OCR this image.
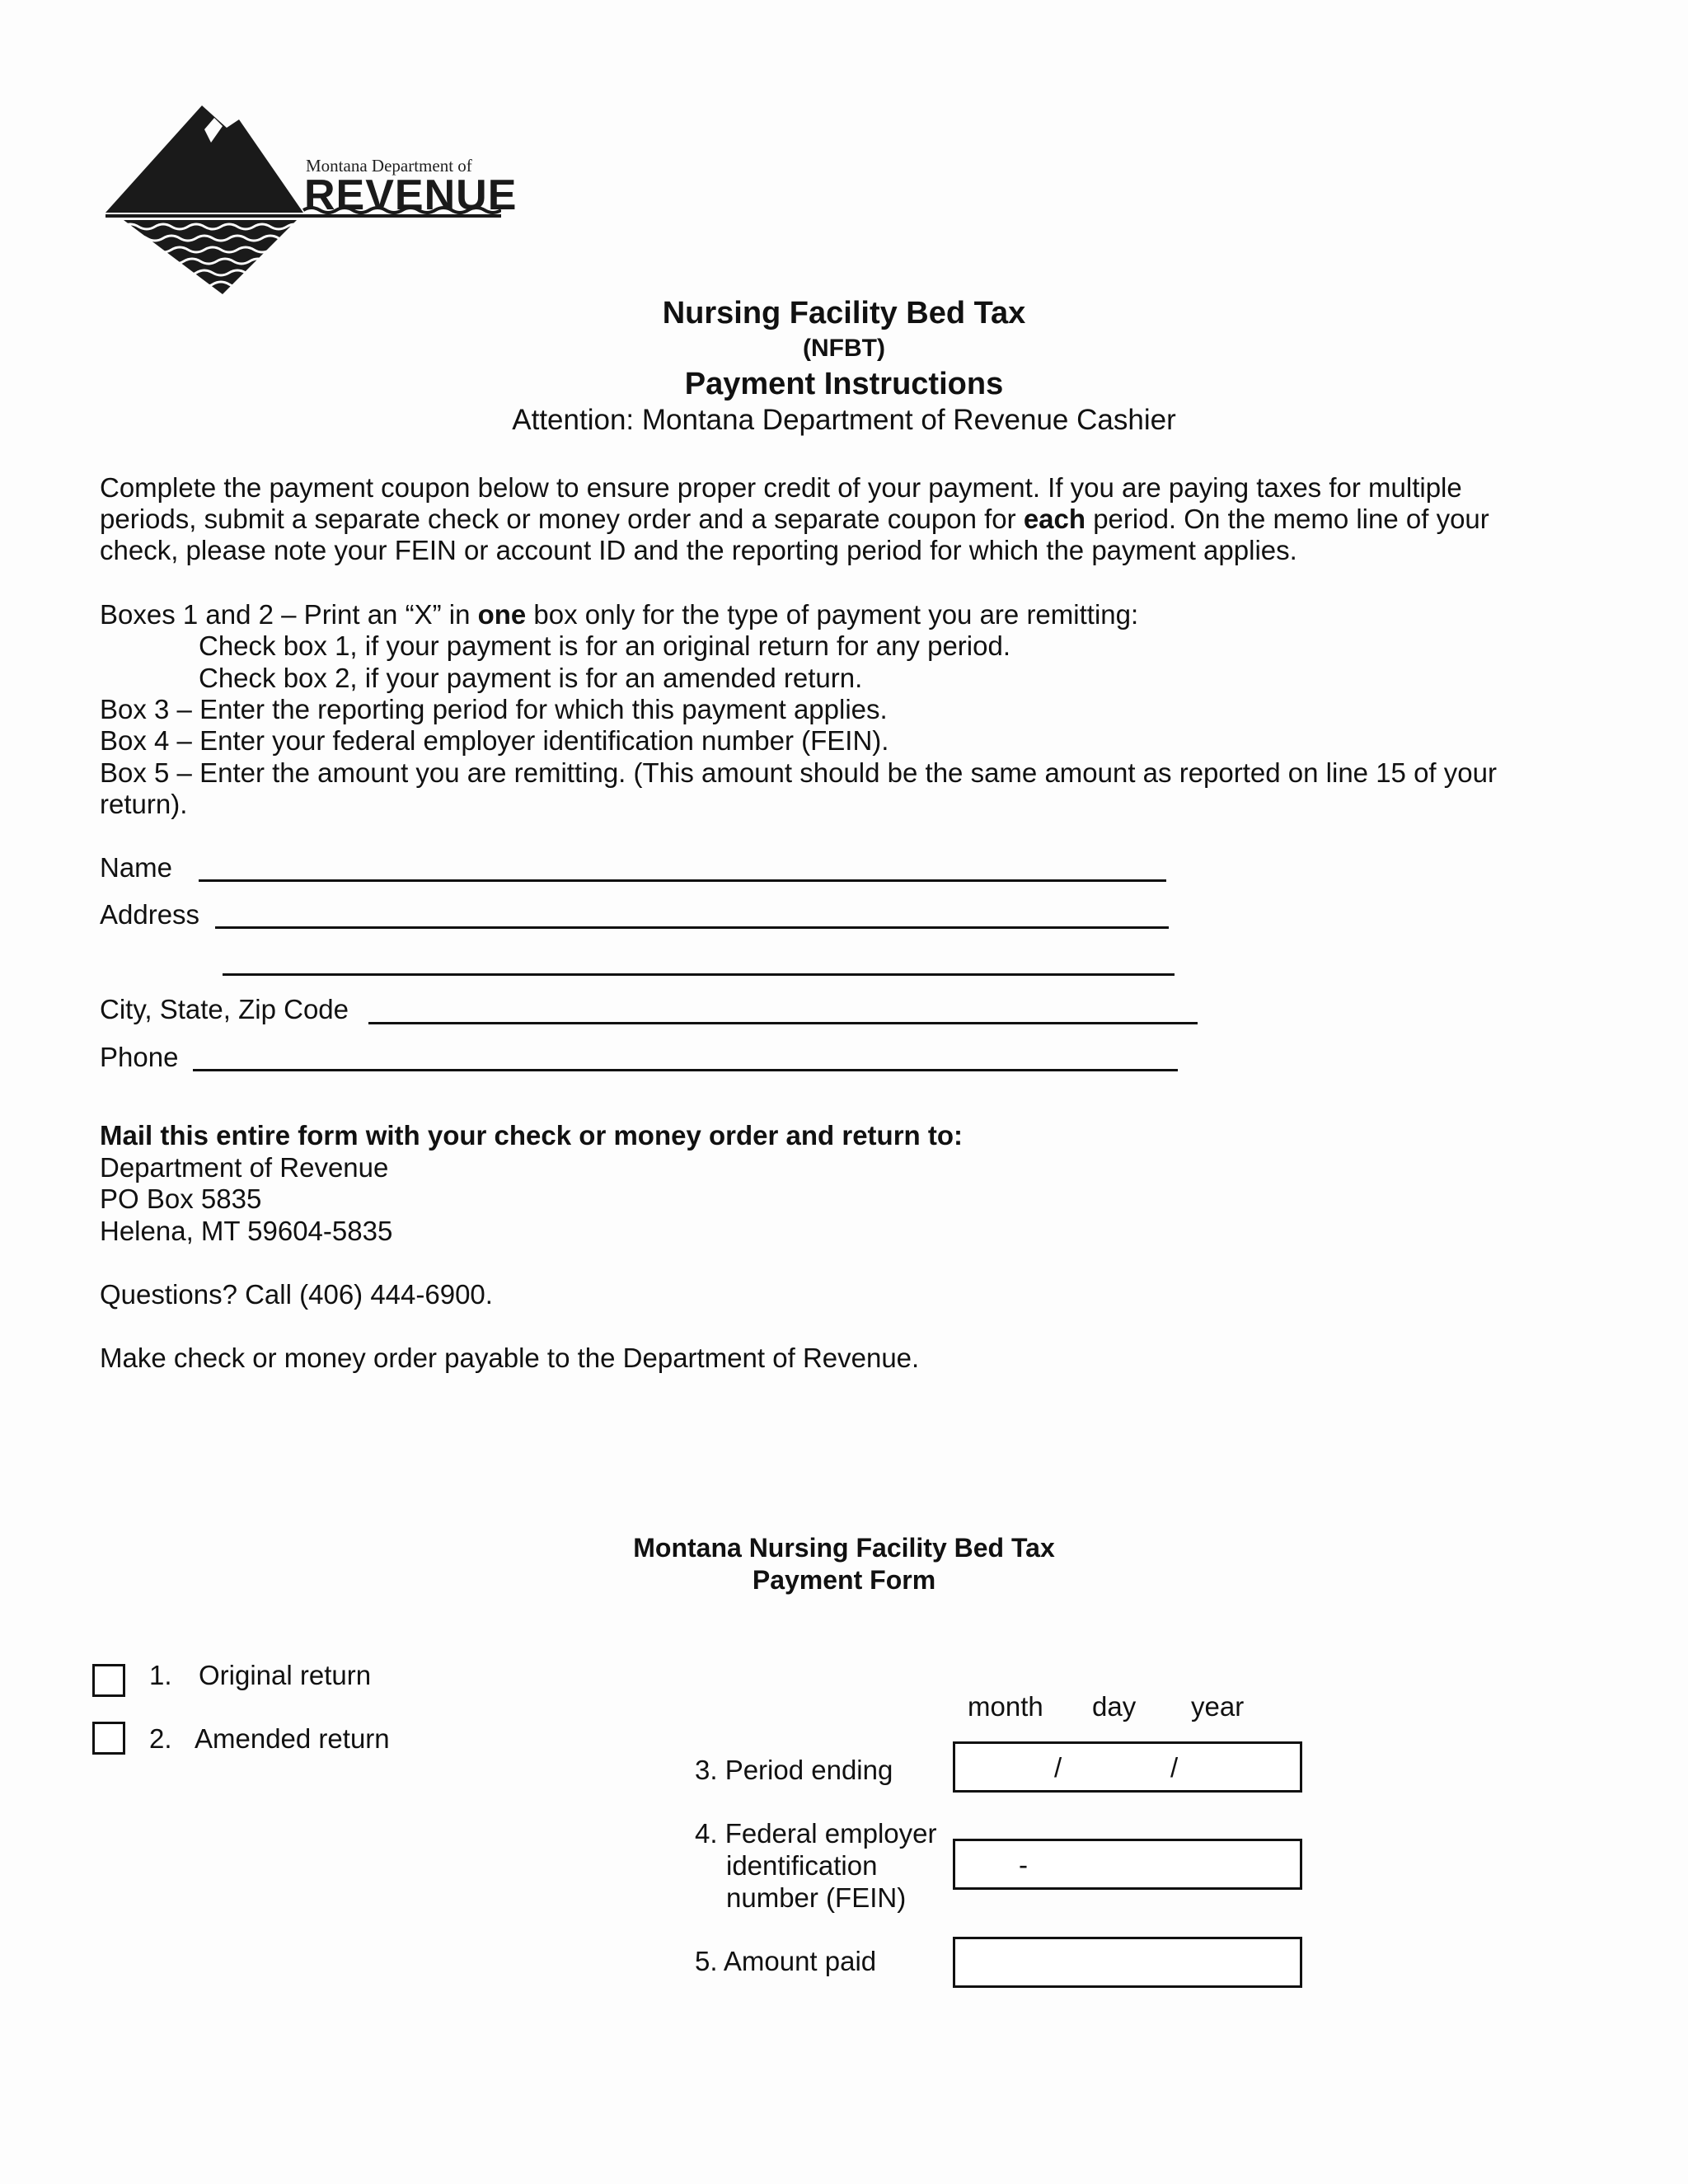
Montana Department of
REVENUE
Nursing Facility Bed Tax
(NFBT)
Payment Instructions
Attention: Montana Department of Revenue Cashier
Complete the payment coupon below to ensure proper credit of your payment. If you are paying taxes for multiple
periods, submit a separate check or money order and a separate coupon for each period. On the memo line of your
check, please note your FEIN or account ID and the reporting period for which the payment applies.
Boxes 1 and 2 – Print an “X” in one box only for the type of payment you are remitting:
Check box 1, if your payment is for an original return for any period.
Check box 2, if your payment is for an amended return.
Box 3 – Enter the reporting period for which this payment applies.
Box 4 – Enter your federal employer identification number (FEIN).
Box 5 – Enter the amount you are remitting. (This amount should be the same amount as reported on line 15 of your
return).
Name
Address
City, State, Zip Code
Phone
Mail this entire form with your check or money order and return to:
Department of Revenue
PO Box 5835
Helena, MT 59604-5835
Questions? Call (406) 444-6900.
Make check or money order payable to the Department of Revenue.
Montana Nursing Facility Bed Tax
Payment Form
1. Original return
2. Amended return
month day year
3. Period ending	/	/
4. Federal employer
identification
number (FEIN)
-
5. Amount paid
